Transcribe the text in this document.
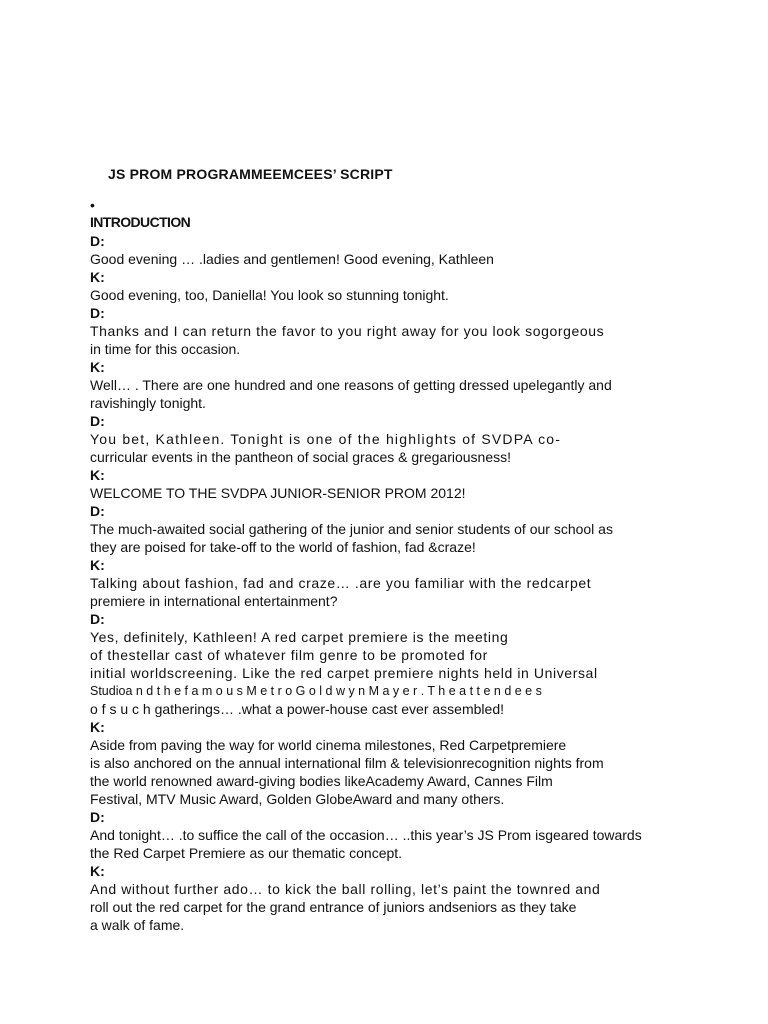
JS PROM PROGRAMMEEMCEES’ SCRIPT
•
INTRODUCTION
D:
Good evening … .ladies and gentlemen! Good evening, Kathleen
K:
Good evening, too, Daniella! You look so stunning tonight.
D:
Thanks and I can return the favor to you right away for you look sogorgeous
in time for this occasion.
K:
Well… . There are one hundred and one reasons of getting dressed upelegantly and
ravishingly tonight.
D:
You bet, Kathleen. Tonight is one of the highlights of SVDPA co-
curricular events in the pantheon of social graces & gregariousness!
K:
WELCOME TO THE SVDPA JUNIOR-SENIOR PROM 2012!
D:
The much-awaited social gathering of the junior and senior students of our school as
they are poised for take-off to the world of fashion, fad &craze!
K:
Talking about fashion, fad and craze… .are you familiar with the redcarpet
premiere in international entertainment?
D:
Yes, definitely, Kathleen! A red carpet premiere is the meeting
of thestellar cast of whatever film genre to be promoted for
initial worldscreening. Like the red carpet premiere nights held in Universal
Studioa n d t h e f a m o u s M e t r o G o l d w y n M a y e r . T h e a t t e n d e e s
o f s u c h gatherings… .what a power-house cast ever assembled!
K:
Aside from paving the way for world cinema milestones, Red Carpetpremiere
is also anchored on the annual international film & televisionrecognition nights from
the world renowned award-giving bodies likeAcademy Award, Cannes Film
Festival, MTV Music Award, Golden GlobeAward and many others.
D:
And tonight… .to suffice the call of the occasion… ..this year’s JS Prom isgeared towards
the Red Carpet Premiere as our thematic concept.
K:
And without further ado… to kick the ball rolling, let’s paint the townred and
roll out the red carpet for the grand entrance of juniors andseniors as they take
a walk of fame.
